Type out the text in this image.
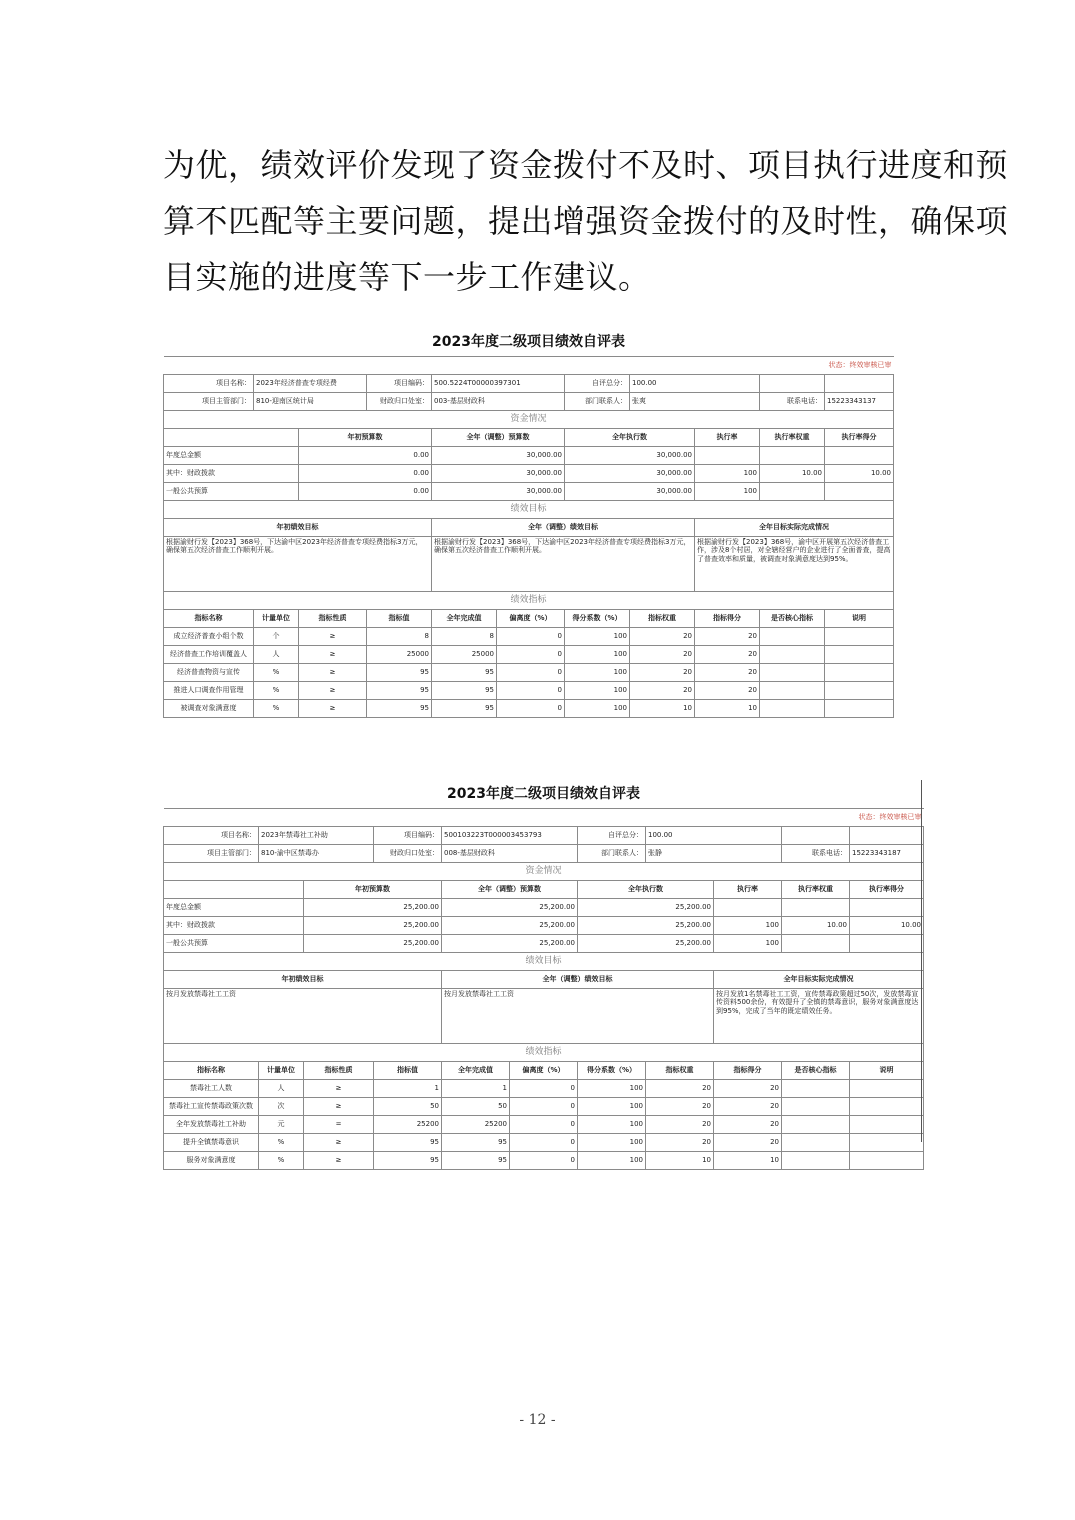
为优，绩效评价发现了资金拨付不及时、项目执行进度和预
算不匹配等主要问题，提出增强资金拨付的及时性，确保项
目实施的进度等下一步工作建议。
2023年度二级项目绩效自评表										
状态：终效审核已审										
项目名称：	2023年经济普查专项经费		项目编码：	500.5224T00000397301		自评总分：	100.00			
项目主管部门：	810-迎南区统计局		财政归口处室：	003-基层财政科		部门联系人：	张爽		联系电话：	15223343137
资金情况										
		年初预算数		全年（调整）预算数		全年执行数		执行率	执行率权重	执行率得分
年度总金额		0.00		30,000.00		30,000.00				
其中：财政拨款		0.00		30,000.00		30,000.00		100	10.00	10.00
一般公共预算		0.00		30,000.00		30,000.00		100		
绩效目标										
年初绩效目标				全年（调整）绩效目标				全年目标实际完成情况		
根据渝财行发【2023】368号，下达渝中区2023年经济普查专项经费指标3万元，确保第五次经济普查工作顺利开展。				根据渝财行发【2023】368号，下达渝中区2023年经济普查专项经费指标3万元，确保第五次经济普查工作顺利开展。				根据渝财行发【2023】368号，渝中区开展第五次经济普查工作，涉及8个村居，对全辖经营户的企业进行了全面普查，提高了普查效率和质量，被调查对象满意度达到95%。		
绩效指标										
指标名称	计量单位	指标性质	指标值	全年完成值	偏离度（%）	得分系数（%）	指标权重	指标得分	是否核心指标	说明
成立经济普查小组个数	个	≥	8	8	0	100	20	20		
经济普查工作培训覆盖人	人	≥	25000	25000	0	100	20	20		
经济普查物资与宣传	%	≥	95	95	0	100	20	20		
推进人口调查作用管理	%	≥	95	95	0	100	20	20		
被调查对象满意度	%	≥	95	95	0	100	10	10		
2023年度二级项目绩效自评表										
状态：终效审核已审										
项目名称：	2023年禁毒社工补助		项目编码：	500103223T000003453793		自评总分：	100.00			
项目主管部门：	810-渝中区禁毒办		财政归口处室：	008-基层财政科		部门联系人：	张静		联系电话：	15223343187
资金情况										
		年初预算数		全年（调整）预算数		全年执行数		执行率	执行率权重	执行率得分
年度总金额		25,200.00		25,200.00		25,200.00				
其中：财政拨款		25,200.00		25,200.00		25,200.00		100	10.00	10.00
一般公共预算		25,200.00		25,200.00		25,200.00		100		
绩效目标										
年初绩效目标				全年（调整）绩效目标				全年目标实际完成情况		
按月发放禁毒社工工资				按月发放禁毒社工工资				按月发放1名禁毒社工工资，宣传禁毒政策超过50次，发放禁毒宣传资料500余份，有效提升了全镇的禁毒意识，服务对象满意度达到95%，完成了当年的既定绩效任务。		
绩效指标										
指标名称	计量单位	指标性质	指标值	全年完成值	偏离度（%）	得分系数（%）	指标权重	指标得分	是否核心指标	说明
禁毒社工人数	人	≥	1	1	0	100	20	20		
禁毒社工宣传禁毒政策次数	次	≥	50	50	0	100	20	20		
全年发放禁毒社工补助	元	=	25200	25200	0	100	20	20		
提升全镇禁毒意识	%	≥	95	95	0	100	20	20		
服务对象满意度	%	≥	95	95	0	100	10	10		
- 12 -
